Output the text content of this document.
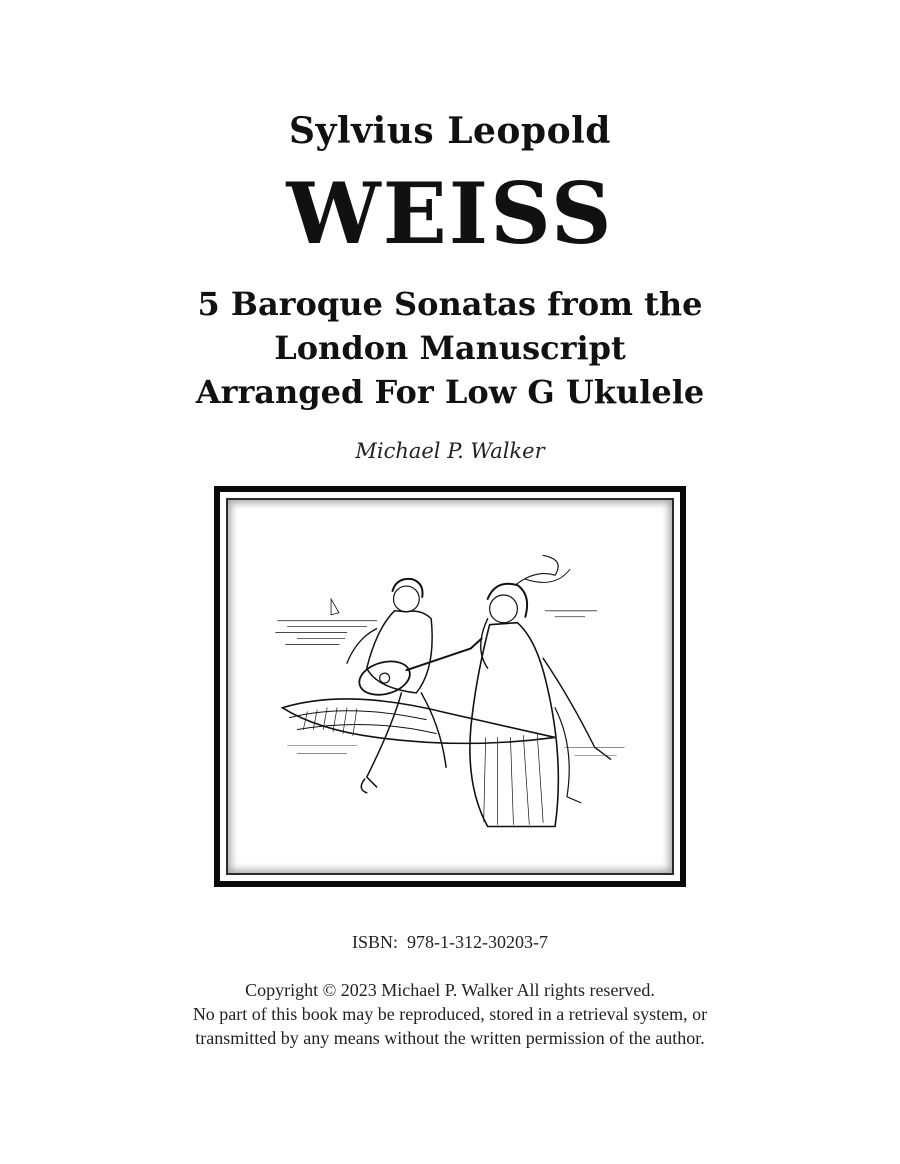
Sylvius Leopold
WEISS
5 Baroque Sonatas from the
London Manuscript
Arranged For Low G Ukulele
Michael P. Walker
ISBN:  978-1-312-30203-7
Copyright © 2023 Michael P. Walker All rights reserved.
No part of this book may be reproduced, stored in a retrieval system, or
transmitted by any means without the written permission of the author.
